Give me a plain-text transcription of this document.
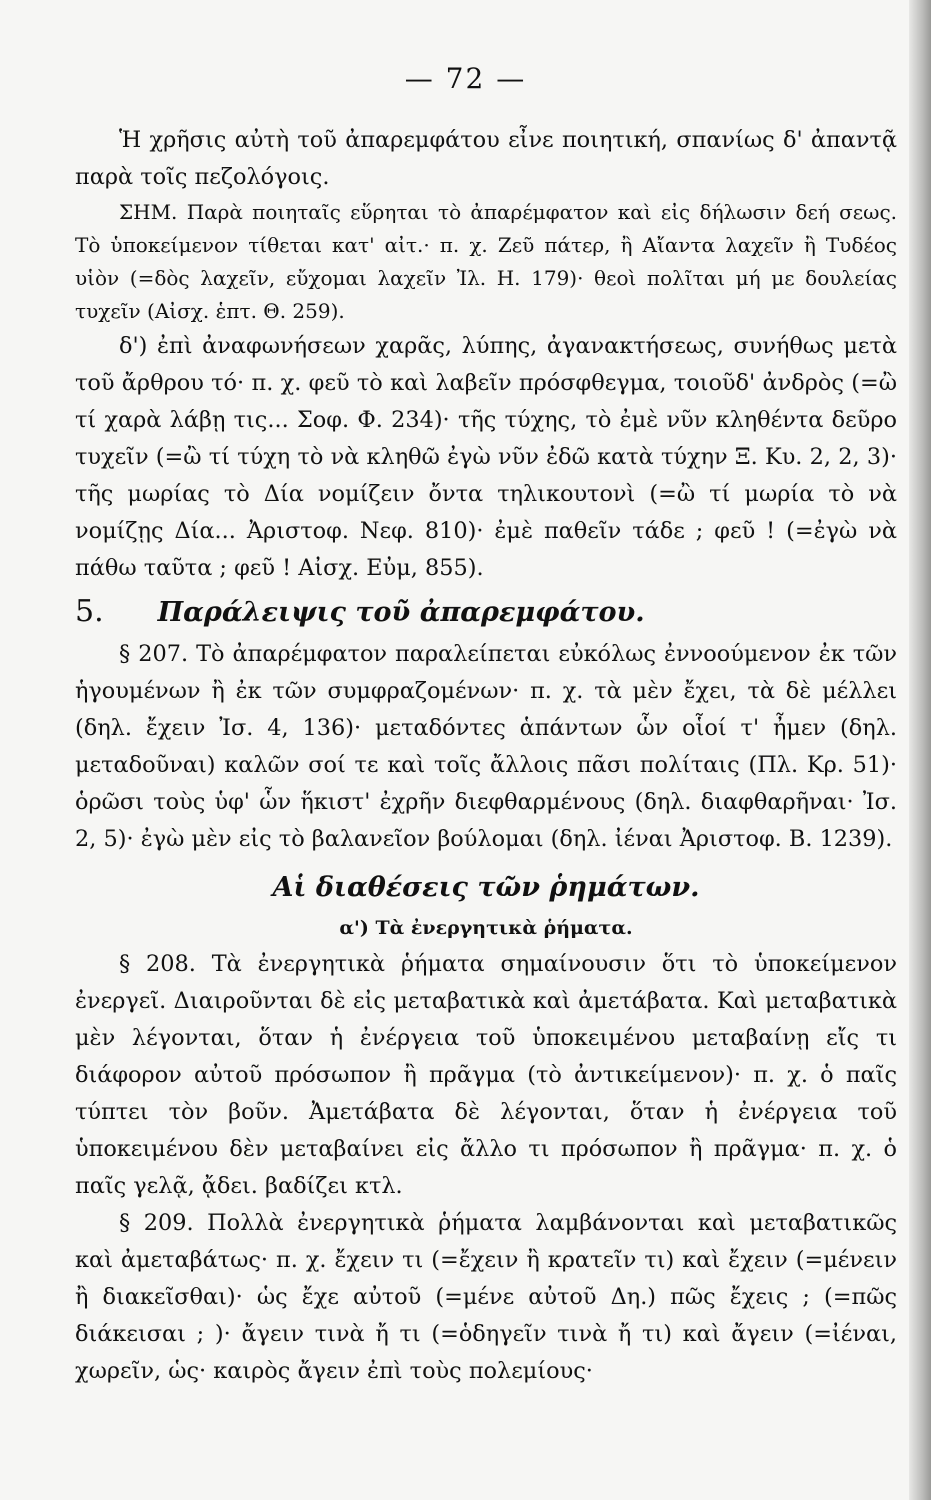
— 72 —

Ἡ χρῆσις αὐτὴ τοῦ ἀπαρεμφάτου εἶνε ποιητική, σπανίως δ' ἀπαντᾷ παρὰ τοῖς πεζολόγοις.

ΣΗΜ. Παρὰ ποιηταῖς εὕρηται τὸ ἀπαρέμφατον καὶ εἰς δήλωσιν δεή σεως. Τὸ ὑποκείμενον τίθεται κατ' αἰτ.· π. χ. Ζεῦ πάτερ, ἢ Αἴαντα λαχεῖν ἢ Τυδέος υἱὸν (=δὸς λαχεῖν, εὔχομαι λαχεῖν Ἰλ. Η. 179)· θεοὶ πολῖται μή με δουλείας τυχεῖν (Αἰσχ. ἑπτ. Θ. 259).

δ') ἐπὶ ἀναφωνήσεων χαρᾶς, λύπης, ἀγανακτήσεως, συνήθως μετὰ τοῦ ἄρθρου τό· π. χ. φεῦ τὸ καὶ λαβεῖν πρόσφθεγμα, τοιοῦδ' ἀνδρὸς (=ὢ τί χαρὰ λάβῃ τις... Σοφ. Φ. 234)· τῆς τύχης, τὸ ἐμὲ νῦν κληθέντα δεῦρο τυχεῖν (=ὢ τί τύχη τὸ νὰ κληθῶ ἐγὼ νῦν ἐδῶ κατὰ τύχην Ξ. Κυ. 2, 2, 3)· τῆς μωρίας τὸ Δία νομίζειν ὄντα τηλικουτονὶ (=ὢ τί μωρία τὸ νὰ νομίζῃς Δία... Ἀριστοφ. Νεφ. 810)· ἐμὲ παθεῖν τάδε ; φεῦ ! (=ἐγὼ νὰ πάθω ταῦτα ; φεῦ ! Αἰσχ. Εὐμ, 855).

5. Παράλειψις τοῦ ἀπαρεμφάτου.

§ 207. Τὸ ἀπαρέμφατον παραλείπεται εὐκόλως ἐννοούμενον ἐκ τῶν ἡγουμένων ἢ ἐκ τῶν συμφραζομένων· π. χ. τὰ μὲν ἔχει, τὰ δὲ μέλλει (δηλ. ἔχειν Ἰσ. 4, 136)· μεταδόντες ἁπάντων ὧν οἷοί τ' ἦμεν (δηλ. μεταδοῦναι) καλῶν σοί τε καὶ τοῖς ἄλλοις πᾶσι πολίταις (Πλ. Κρ. 51)· ὁρῶσι τοὺς ὑφ' ὧν ἥκιστ' ἐχρῆν διεφθαρμένους (δηλ. διαφθαρῆναι· Ἰσ. 2, 5)· ἐγὼ μὲν εἰς τὸ βαλανεῖον βούλομαι (δηλ. ἰέναι Ἀριστοφ. Β. 1239).

Αἱ διαθέσεις τῶν ῥημάτων.
α') Τὰ ἐνεργητικὰ ῥήματα.

§ 208. Τὰ ἐνεργητικὰ ῥήματα σημαίνουσιν ὅτι τὸ ὑποκείμενον ἐνεργεῖ. Διαιροῦνται δὲ εἰς μεταβατικὰ καὶ ἀμετάβατα. Καὶ μεταβατικὰ μὲν λέγονται, ὅταν ἡ ἐνέργεια τοῦ ὑποκειμένου μεταβαίνῃ εἴς τι διάφορον αὐτοῦ πρόσωπον ἢ πρᾶγμα (τὸ ἀντικείμενον)· π. χ. ὁ παῖς τύπτει τὸν βοῦν. Ἀμετάβατα δὲ λέγονται, ὅταν ἡ ἐνέργεια τοῦ ὑποκειμένου δὲν μεταβαίνει εἰς ἄλλο τι πρόσωπον ἢ πρᾶγμα· π. χ. ὁ παῖς γελᾷ, ᾄδει. βαδίζει κτλ.

§ 209. Πολλὰ ἐνεργητικὰ ῥήματα λαμβάνονται καὶ μεταβατικῶς καὶ ἀμεταβάτως· π. χ. ἔχειν τι (=ἔχειν ἢ κρατεῖν τι) καὶ ἔχειν (=μένειν ἢ διακεῖσθαι)· ὡς ἔχε αὐτοῦ (=μένε αὐτοῦ Δη.) πῶς ἔχεις ; (=πῶς διάκεισαι ; )· ἄγειν τινὰ ἤ τι (=ὁδηγεῖν τινὰ ἤ τι) καὶ ἄγειν (=ἰέναι, χωρεῖν, ὡς· καιρὸς ἄγειν ἐπὶ τοὺς πολεμίους·
